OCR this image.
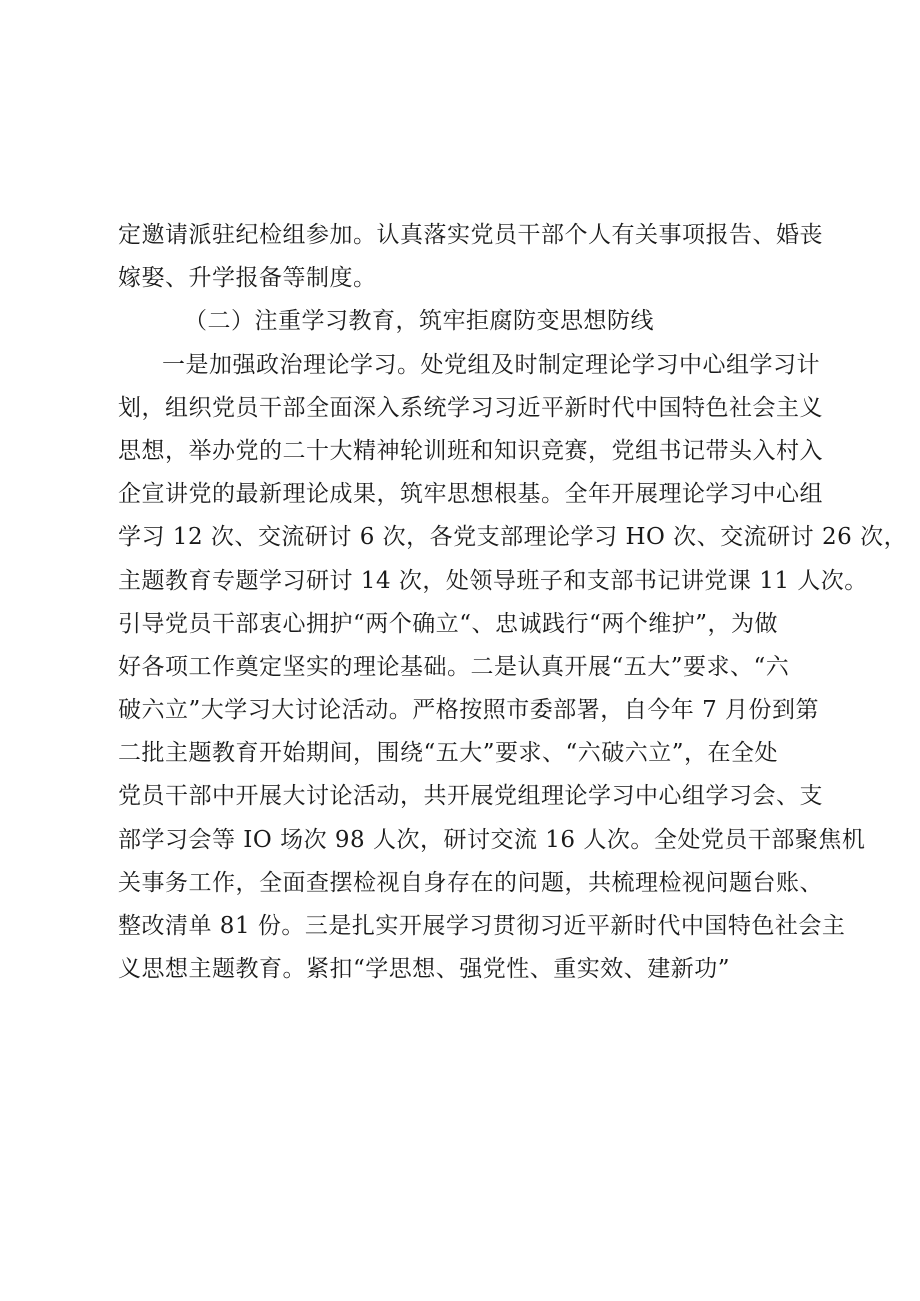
定邀请派驻纪检组参加。认真落实党员干部个人有关事项报告、婚丧
嫁娶、升学报备等制度。
（二）注重学习教育，筑牢拒腐防变思想防线
一是加强政治理论学习。处党组及时制定理论学习中心组学习计
划，组织党员干部全面深入系统学习习近平新时代中国特色社会主义
思想，举办党的二十大精神轮训班和知识竞赛，党组书记带头入村入
企宣讲党的最新理论成果，筑牢思想根基。全年开展理论学习中心组
学习 12 次、交流研讨 6 次，各党支部理论学习 HO 次、交流研讨 26 次，
主题教育专题学习研讨 14 次，处领导班子和支部书记讲党课 11 人次。
引导党员干部衷心拥护“两个确立“、忠诚践行“两个维护”，为做
好各项工作奠定坚实的理论基础。二是认真开展“五大”要求、“六
破六立”大学习大讨论活动。严格按照市委部署，自今年 7 月份到第
二批主题教育开始期间，围绕“五大”要求、“六破六立”，在全处
党员干部中开展大讨论活动，共开展党组理论学习中心组学习会、支
部学习会等 IO 场次 98 人次，研讨交流 16 人次。全处党员干部聚焦机
关事务工作，全面查摆检视自身存在的问题，共梳理检视问题台账、
整改清单 81 份。三是扎实开展学习贯彻习近平新时代中国特色社会主
义思想主题教育。紧扣“学思想、强党性、重实效、建新功”
